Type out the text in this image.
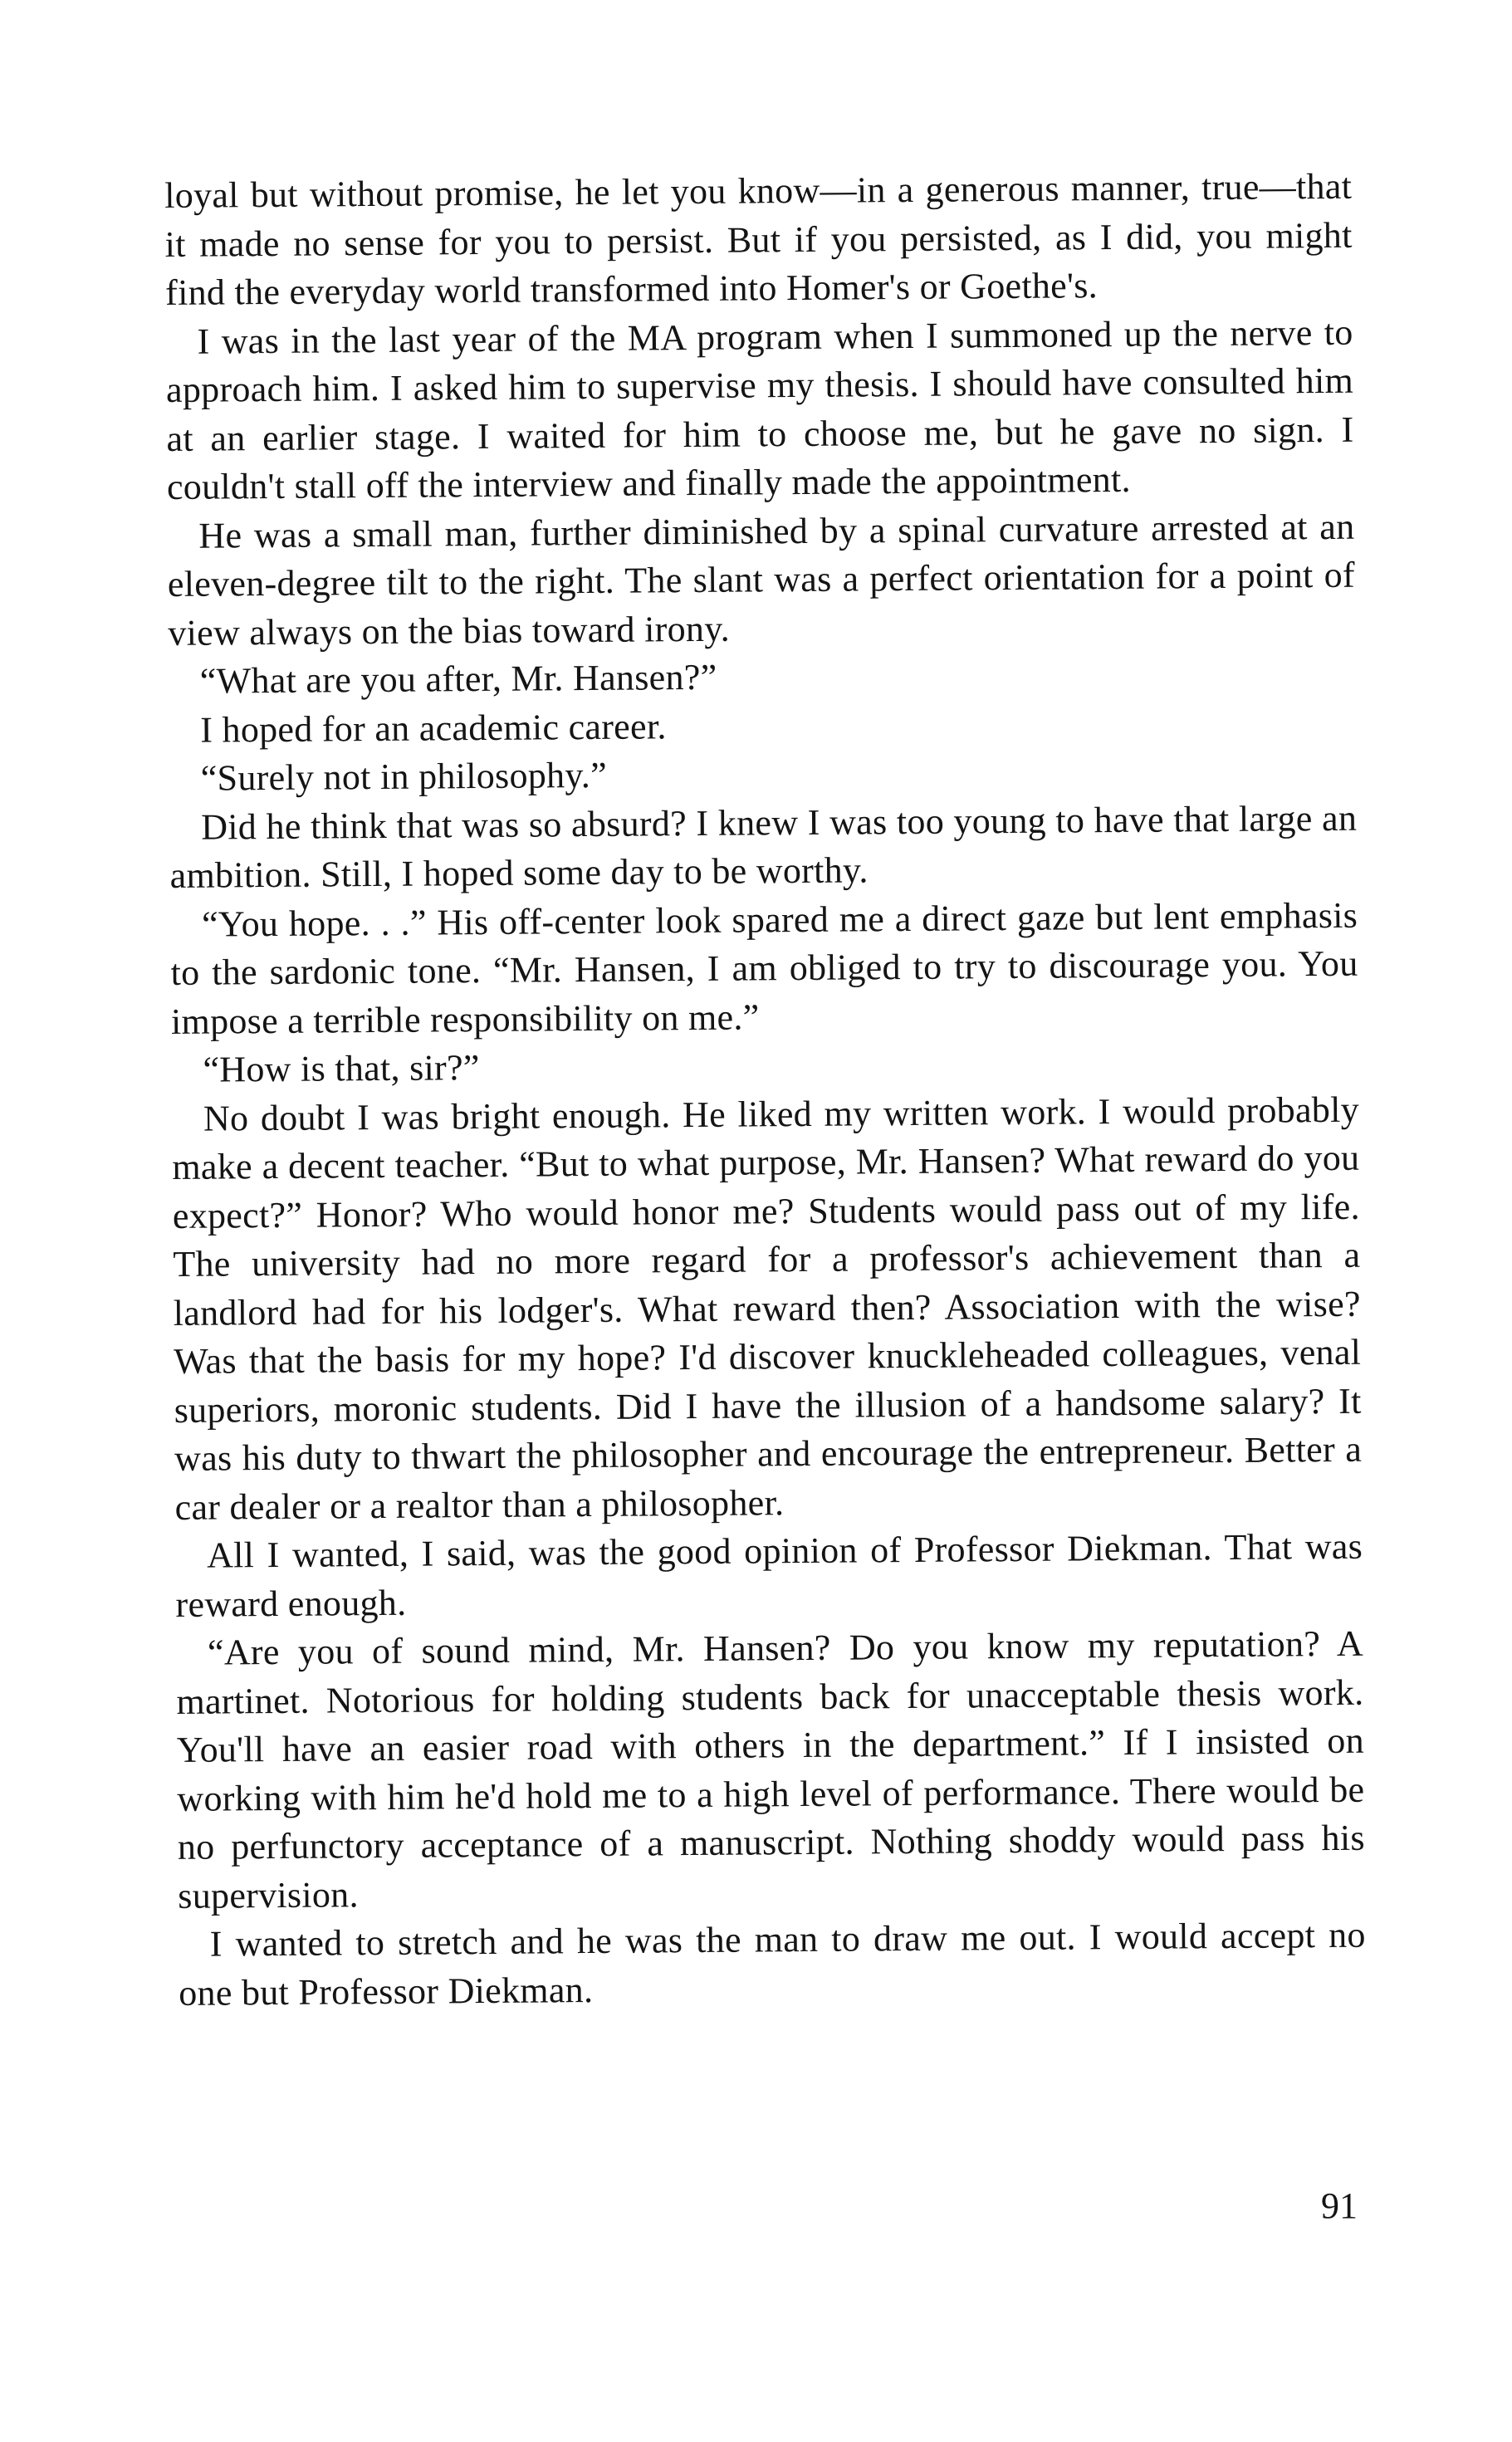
loyal but without promise, he let you know—in a generous manner, true—that it made no sense for you to persist. But if you persisted, as I did, you might find the everyday world transformed into Homer's or Goethe's.

I was in the last year of the MA program when I summoned up the nerve to approach him. I asked him to supervise my thesis. I should have consulted him at an earlier stage. I waited for him to choose me, but he gave no sign. I couldn't stall off the interview and finally made the appointment.

He was a small man, further diminished by a spinal curvature arrested at an eleven-degree tilt to the right. The slant was a perfect orientation for a point of view always on the bias toward irony.

“What are you after, Mr. Hansen?”

I hoped for an academic career.

“Surely not in philosophy.”

Did he think that was so absurd? I knew I was too young to have that large an ambition. Still, I hoped some day to be worthy.

“You hope. . .” His off-center look spared me a direct gaze but lent emphasis to the sardonic tone. “Mr. Hansen, I am obliged to try to discourage you. You impose a terrible responsibility on me.”

“How is that, sir?”

No doubt I was bright enough. He liked my written work. I would probably make a decent teacher. “But to what purpose, Mr. Hansen? What reward do you expect?” Honor? Who would honor me? Students would pass out of my life. The university had no more regard for a professor's achievement than a landlord had for his lodger's. What reward then? Association with the wise? Was that the basis for my hope? I'd discover knuckleheaded colleagues, venal superiors, moronic students. Did I have the illusion of a handsome salary? It was his duty to thwart the philosopher and encourage the entrepreneur. Better a car dealer or a realtor than a philosopher.

All I wanted, I said, was the good opinion of Professor Diekman. That was reward enough.

“Are you of sound mind, Mr. Hansen? Do you know my reputation? A martinet. Notorious for holding students back for unacceptable thesis work. You'll have an easier road with others in the department.” If I insisted on working with him he'd hold me to a high level of performance. There would be no perfunctory acceptance of a manuscript. Nothing shoddy would pass his supervision.

I wanted to stretch and he was the man to draw me out. I would accept no one but Professor Diekman.

91
